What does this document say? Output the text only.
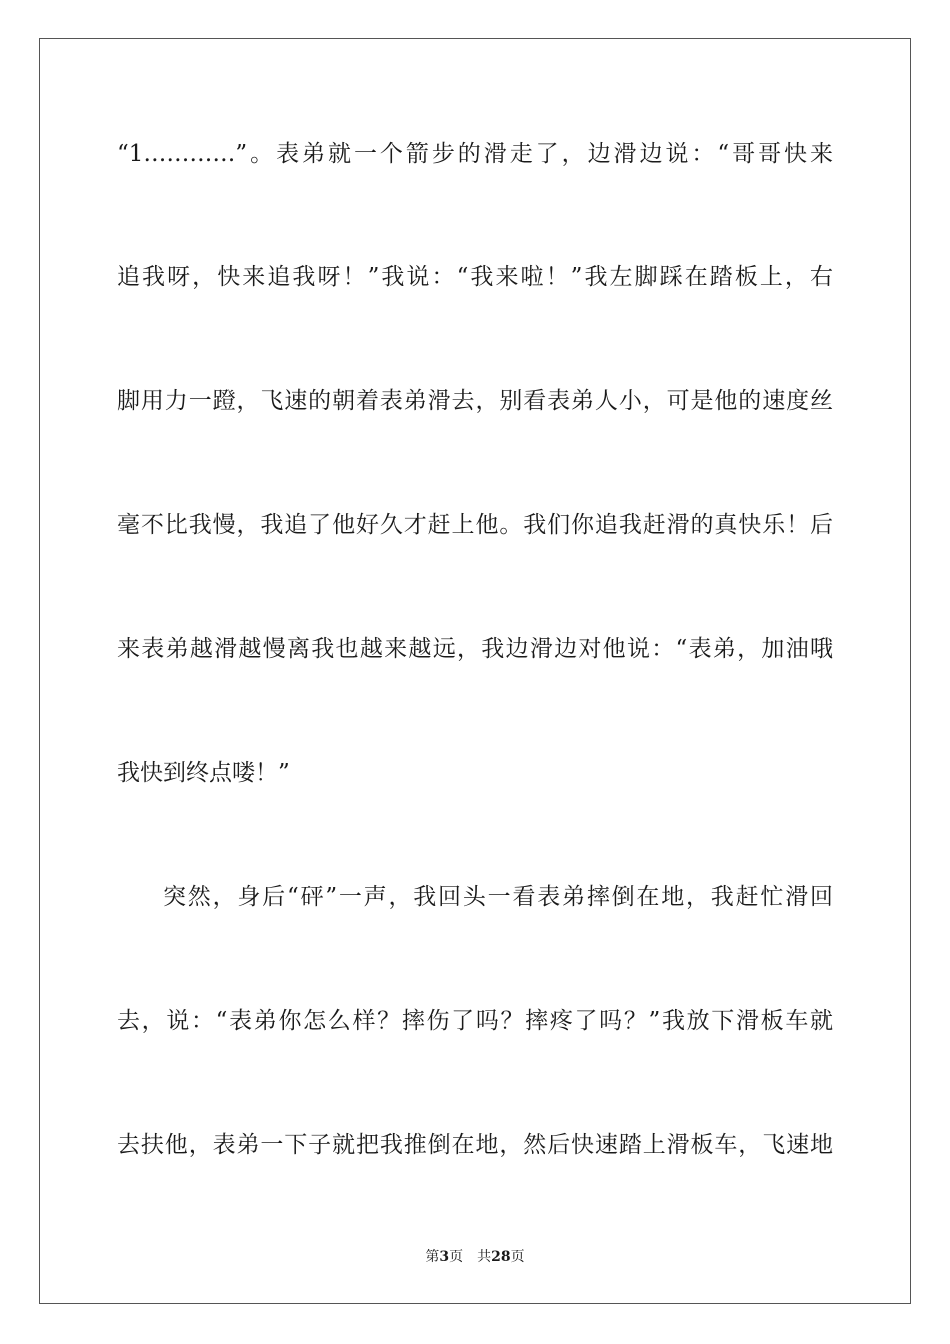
“1…………”。表弟就一个箭步的滑走了，边滑边说：“哥哥快来
追我呀，快来追我呀！”我说：“我来啦！”我左脚踩在踏板上，右
脚用力一蹬，飞速的朝着表弟滑去，别看表弟人小，可是他的速度丝
毫不比我慢，我追了他好久才赶上他。我们你追我赶滑的真快乐！后
来表弟越滑越慢离我也越来越远，我边滑边对他说：“表弟，加油哦
我快到终点喽！”
突然，身后“砰”一声，我回头一看表弟摔倒在地，我赶忙滑回
去，说：“表弟你怎么样？摔伤了吗？摔疼了吗？”我放下滑板车就
去扶他，表弟一下子就把我推倒在地，然后快速踏上滑板车，飞速地
第3页 共28页
